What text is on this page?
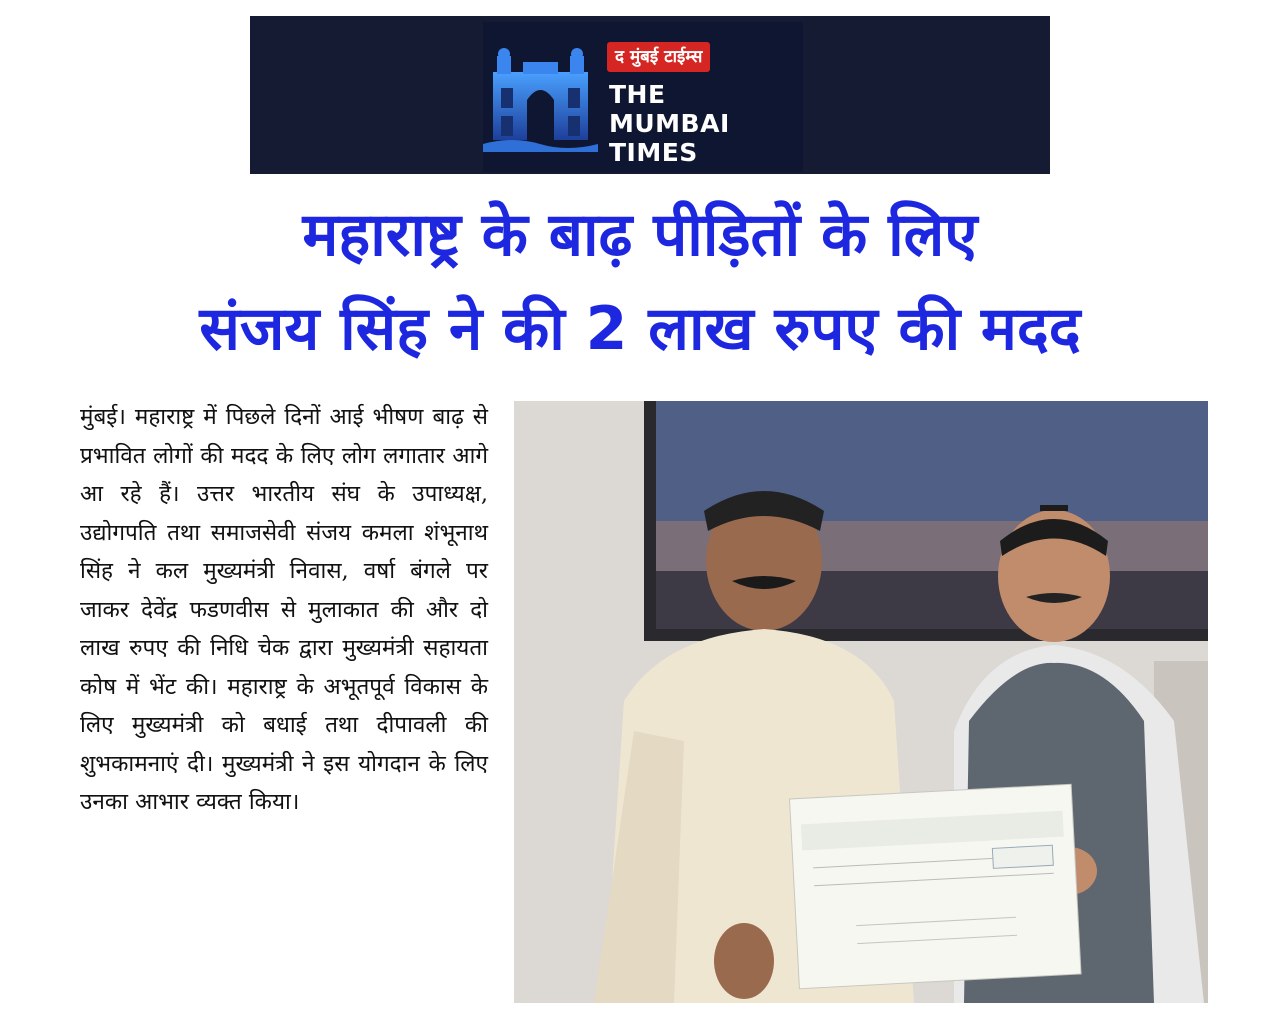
द मुंबई टाईम्स
THE
MUMBAI
TIMES
महाराष्ट्र के बाढ़ पीड़ितों के लिए
संजय सिंह ने की 2 लाख रुपए की मदद
मुंबई। महाराष्ट्र में पिछले दिनों आई भीषण बाढ़ से प्रभावित लोगों की मदद के लिए लोग लगातार आगे आ रहे हैं। उत्तर भारतीय संघ के उपाध्यक्ष, उद्योगपति तथा समाजसेवी संजय कमला शंभूनाथ सिंह ने कल मुख्यमंत्री निवास, वर्षा बंगले पर जाकर देवेंद्र फडणवीस से मुलाकात की और दो लाख रुपए की निधि चेक द्वारा मुख्यमंत्री सहायता कोष में भेंट की। महाराष्ट्र के अभूतपूर्व विकास के लिए मुख्यमंत्री को बधाई तथा दीपावली की शुभकामनाएं दी। मुख्यमंत्री ने इस योगदान के लिए उनका आभार व्यक्त किया।
